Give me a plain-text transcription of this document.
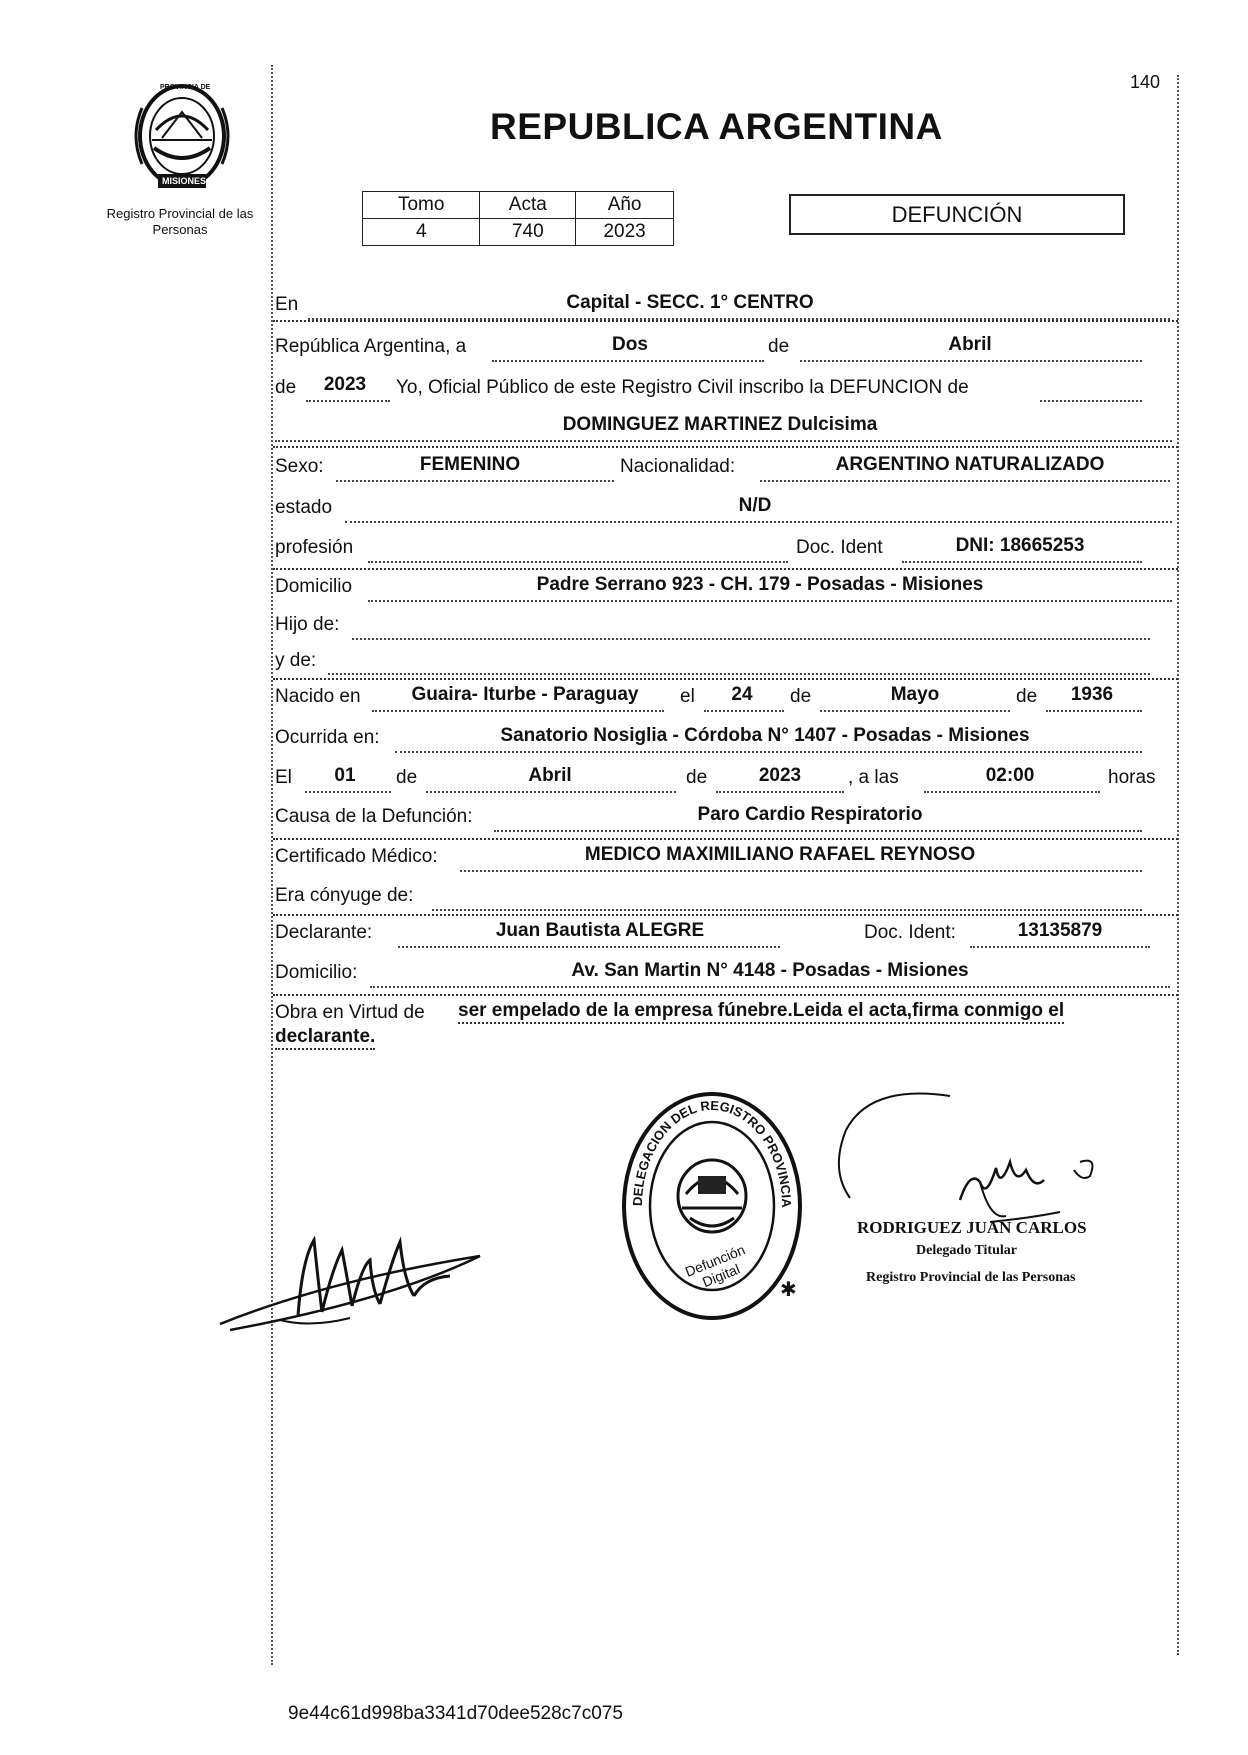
140
PROVINCIA DE
MISIONES
Registro Provincial de las Personas
REPUBLICA ARGENTINA
Tomo	Acta	Año
4	740	2023
DEFUNCIÓN
En	Capital - SECC. 1° CENTRO
República Argentina, a	Dos	de	Abril
de	2023	Yo, Oficial Público de este Registro Civil inscribo la DEFUNCION de
DOMINGUEZ MARTINEZ Dulcisima
Sexo:	FEMENINO	Nacionalidad:	ARGENTINO NATURALIZADO
estado	N/D
profesión	Doc. Ident	DNI: 18665253
Domicilio	Padre Serrano 923 - CH. 179 - Posadas - Misiones
Hijo de:
y de:
Nacido en	Guaira- Iturbe - Paraguay	el	24	de	Mayo	de	1936
Ocurrida en:	Sanatorio Nosiglia - Córdoba N° 1407 - Posadas - Misiones
El	01	de	Abril	de	2023	, a las	02:00	horas
Causa de la Defunción:	Paro Cardio Respiratorio
Certificado Médico:	MEDICO MAXIMILIANO RAFAEL REYNOSO
Era cónyuge de:
Declarante:	Juan Bautista ALEGRE	Doc. Ident:	13135879
Domicilio:	Av. San Martin N° 4148 - Posadas - Misiones
Obra en Virtud de ser empelado de la empresa fúnebre.Leida el acta,firma conmigo el
declarante.
DELEGACION DEL REGISTRO PROVINCIA
✱
Defunción Digital
RODRIGUEZ JUAN CARLOS
Delegado Titular
Registro Provincial de las Personas
9e44c61d998ba3341d70dee528c7c075
